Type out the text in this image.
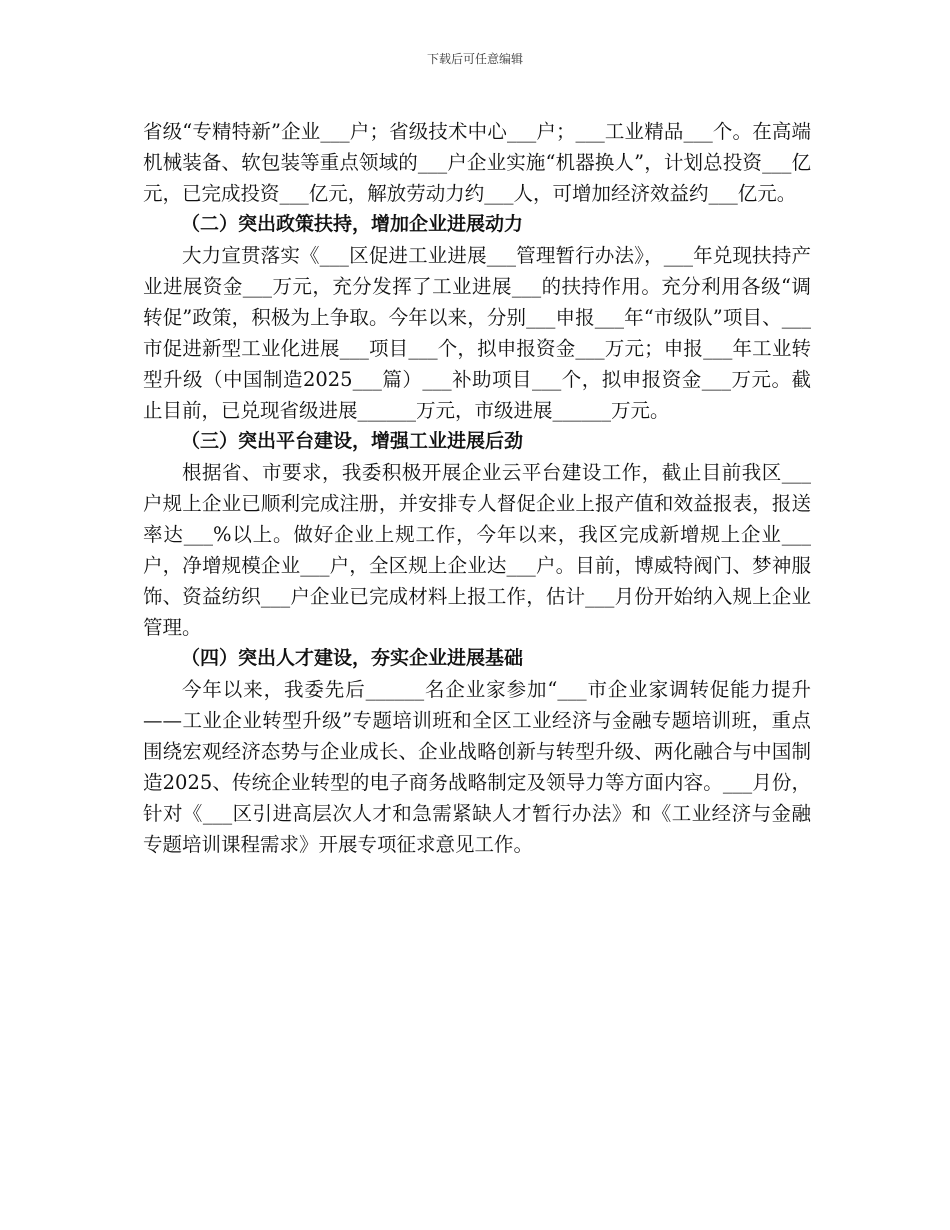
下载后可任意编辑

省级“专精特新”企业___户；省级技术中心___户；___工业精品___个。在高端机械装备、软包装等重点领域的___户企业实施“机器换人”，计划总投资___亿元，已完成投资___亿元，解放劳动力约___人，可增加经济效益约___亿元。

（二）突出政策扶持，增加企业进展动力

大力宣贯落实《___区促进工业进展___管理暂行办法》，___年兑现扶持产业进展资金___万元，充分发挥了工业进展___的扶持作用。充分利用各级“调转促”政策，积极为上争取。今年以来，分别___申报___年“市级队”项目、___市促进新型工业化进展___项目___个，拟申报资金___万元；申报___年工业转型升级（中国制造2025___篇）___补助项目___个，拟申报资金___万元。截止目前，已兑现省级进展______万元，市级进展______万元。

（三）突出平台建设，增强工业进展后劲

根据省、市要求，我委积极开展企业云平台建设工作，截止目前我区___户规上企业已顺利完成注册，并安排专人督促企业上报产值和效益报表，报送率达___%以上。做好企业上规工作，今年以来，我区完成新增规上企业___户，净增规模企业___户，全区规上企业达___户。目前，博威特阀门、梦神服饰、资益纺织___户企业已完成材料上报工作，估计___月份开始纳入规上企业管理。

（四）突出人才建设，夯实企业进展基础

今年以来，我委先后______名企业家参加“___市企业家调转促能力提升——工业企业转型升级”专题培训班和全区工业经济与金融专题培训班，重点围绕宏观经济态势与企业成长、企业战略创新与转型升级、两化融合与中国制造2025、传统企业转型的电子商务战略制定及领导力等方面内容。___月份，针对《___区引进高层次人才和急需紧缺人才暂行办法》和《工业经济与金融专题培训课程需求》开展专项征求意见工作。
